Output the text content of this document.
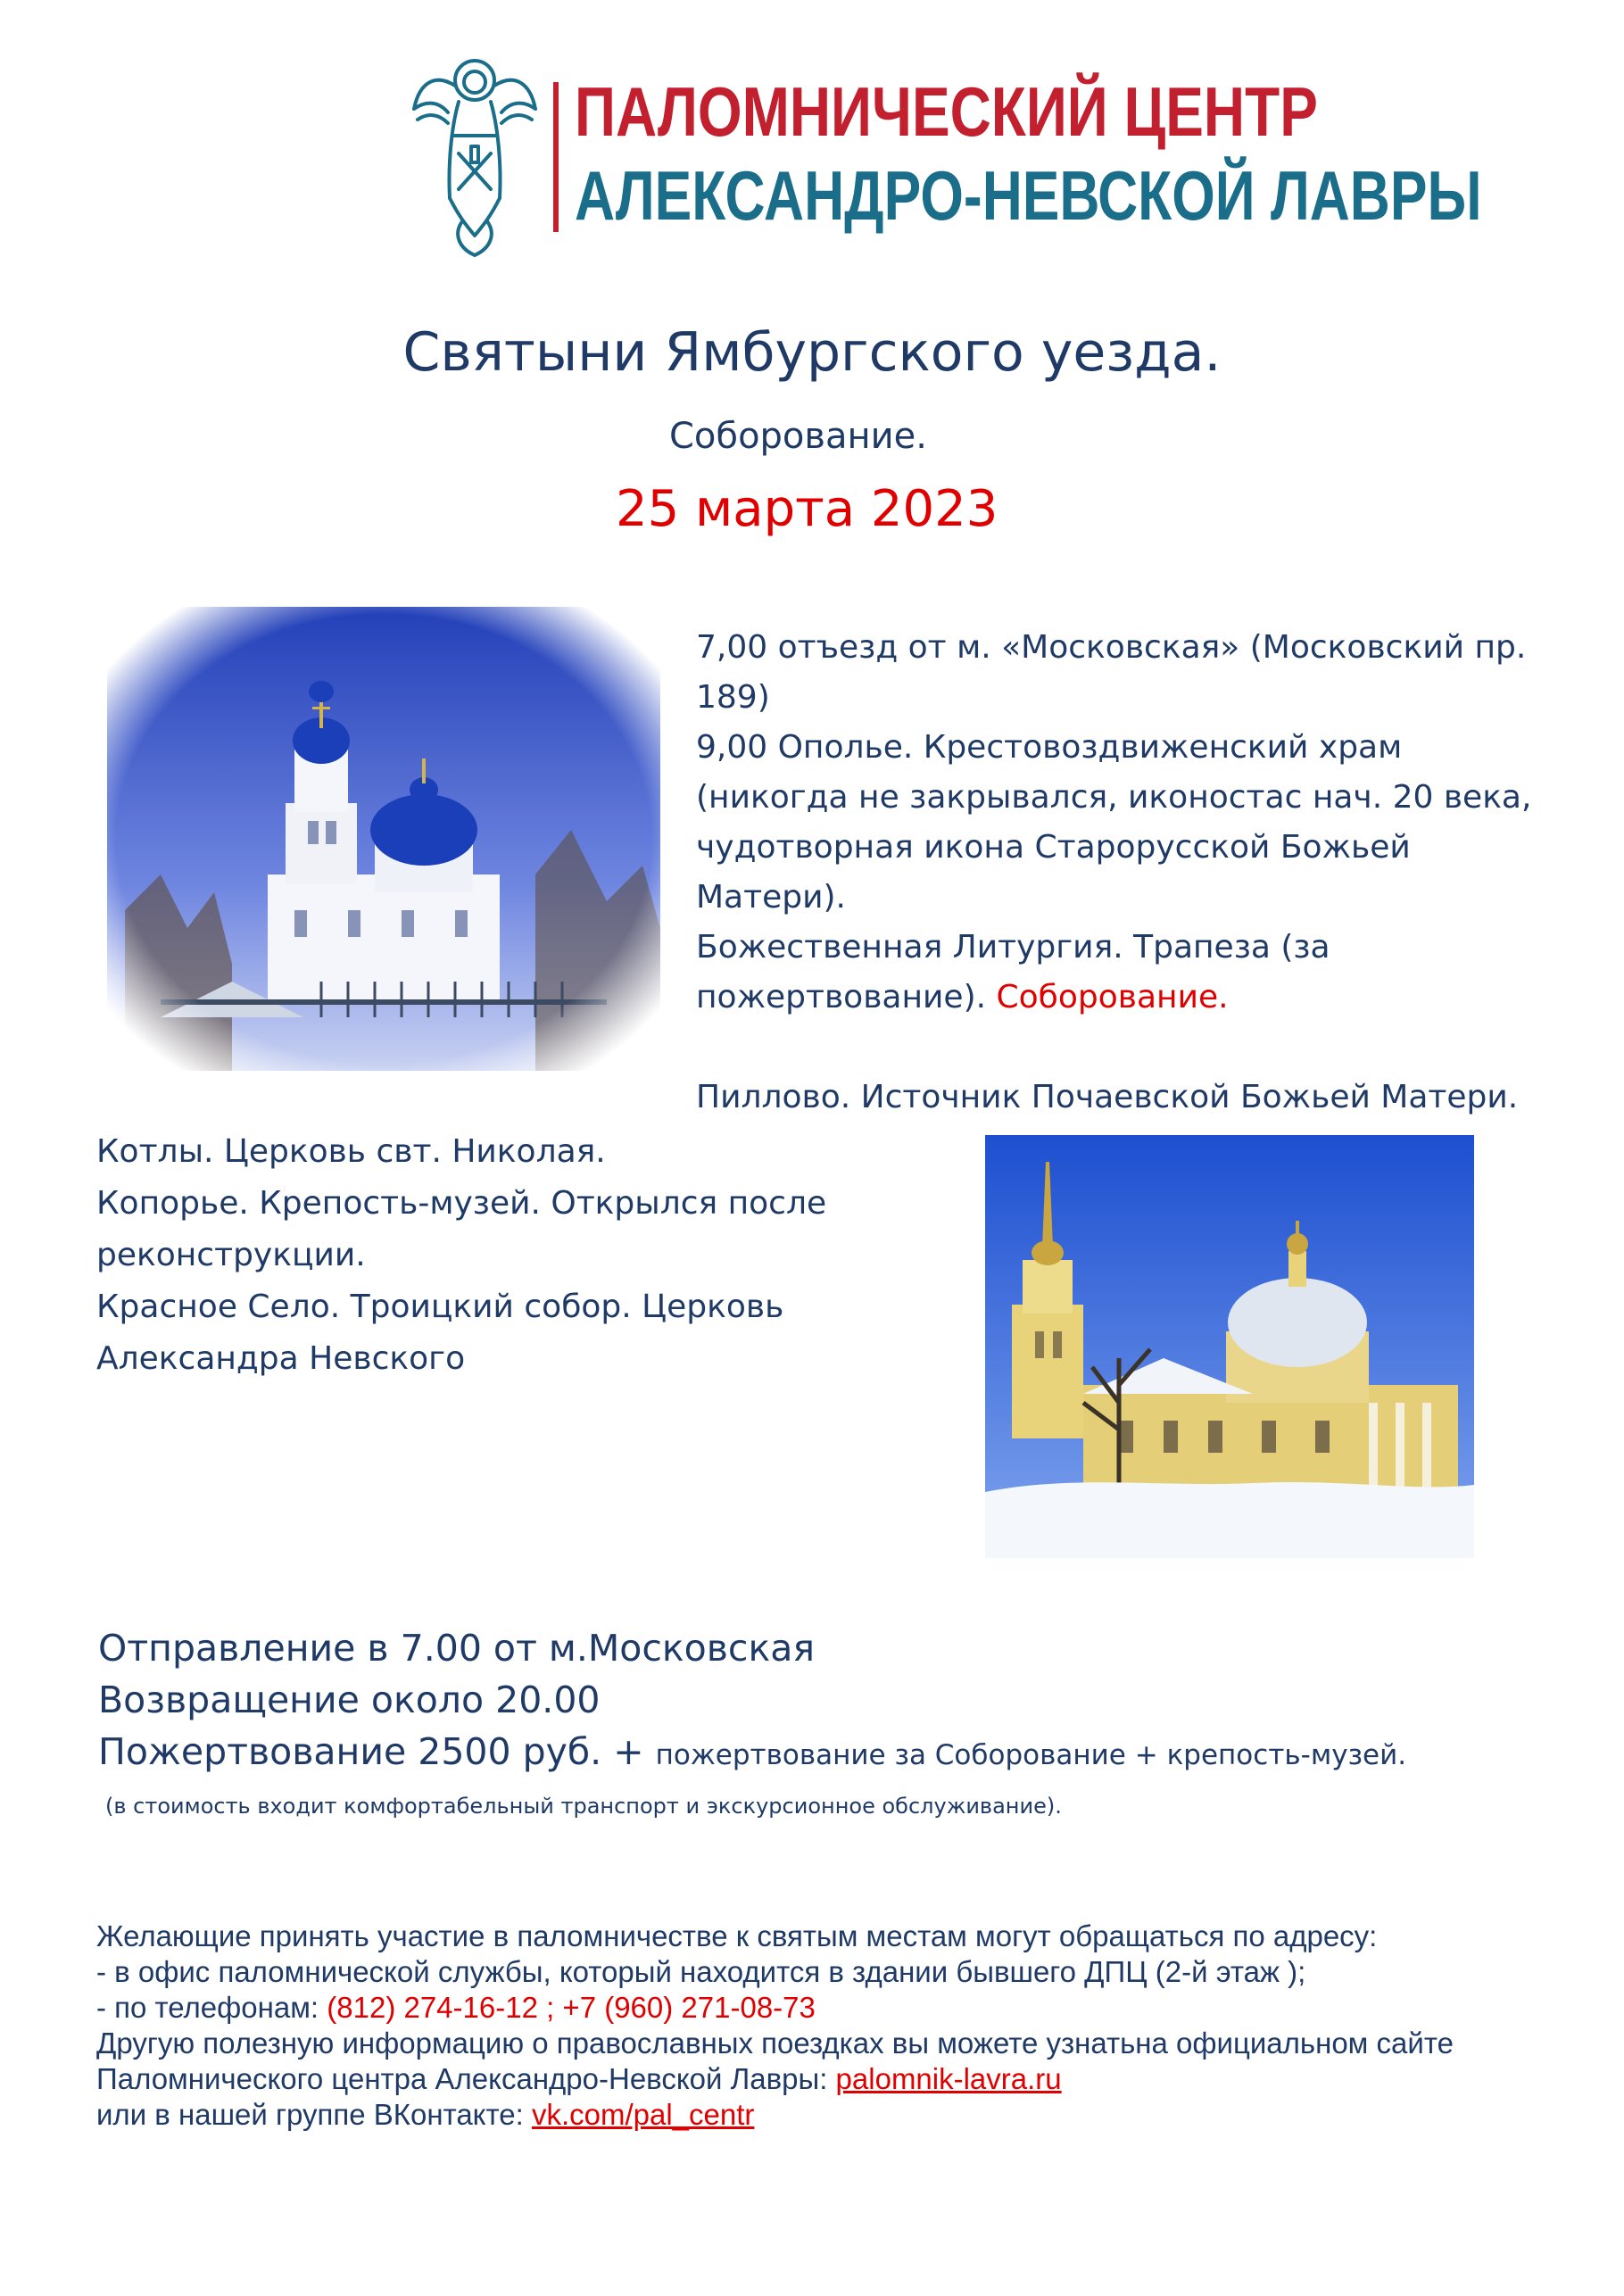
ПАЛОМНИЧЕСКИЙ ЦЕНТР
АЛЕКСАНДРО-НЕВСКОЙ ЛАВРЫ
Святыни Ямбургского уезда.
Соборование.
25 марта 2023
7,00 отъезд от м. «Московская» (Московский пр.
189)
9,00 Ополье. Крестовоздвиженский храм
(никогда не закрывался, иконостас нач. 20 века,
чудотворная икона Старорусской Божьей
Матери).
Божественная Литургия. Трапеза (за
пожертвование). Соборование.
Пиллово. Источник Почаевской Божьей Матери.
Котлы. Церковь свт. Николая.
Копорье. Крепость-музей. Открылся после
реконструкции.
Красное Село. Троицкий собор. Церковь
Александра Невского
Отправление в 7.00 от м.Московская
Возвращение около 20.00
Пожертвование 2500 руб. + пожертвование за Соборование + крепость-музей.
(в стоимость входит комфортабельный транспорт и экскурсионное обслуживание).
Желающие принять участие в паломничестве к святым местам могут обращаться по адресу:
- в офис паломнической службы, который находится в здании бывшего ДПЦ (2-й этаж );
- по телефонам: (812) 274-16-12 ; +7 (960) 271-08-73
Другую полезную информацию о православных поездках вы можете узнатьна официальном сайте
Паломнического центра Александро-Невской Лавры: palomnik-lavra.ru
или в нашей группе ВКонтакте: vk.com/pal_centr
